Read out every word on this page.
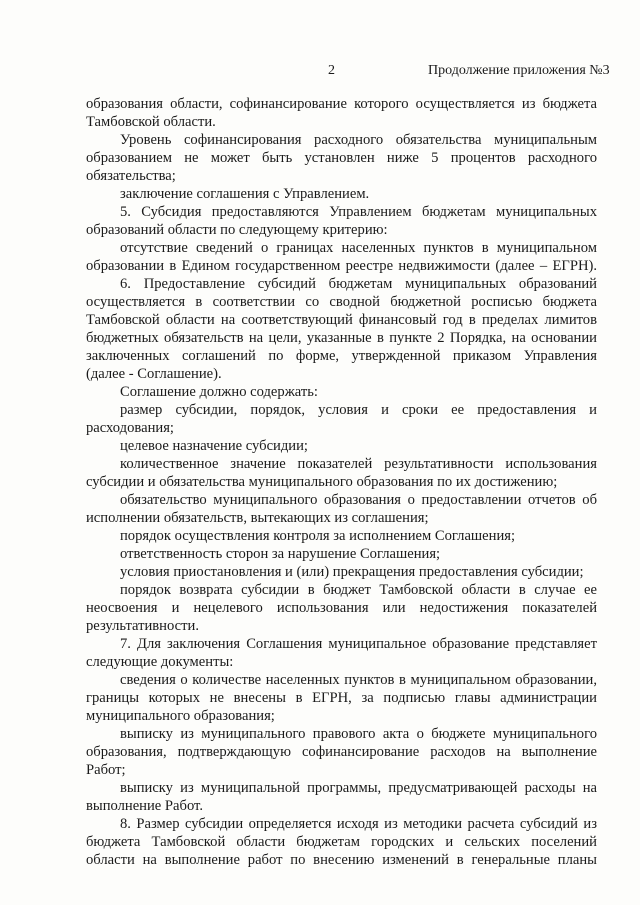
2	Продолжение приложения №3
образования области, софинансирование которого осуществляется из бюджета
Тамбовской области.
Уровень софинансирования расходного обязательства муниципальным
образованием не может быть установлен ниже 5 процентов расходного
обязательства;
заключение соглашения с Управлением.
5. Субсидия предоставляются Управлением бюджетам муниципальных
образований области по следующему критерию:
отсутствие сведений о границах населенных пунктов в муниципальном
образовании в Едином государственном реестре недвижимости (далее – ЕГРН).
6. Предоставление субсидий бюджетам муниципальных образований
осуществляется в соответствии со сводной бюджетной росписью бюджета
Тамбовской области на соответствующий финансовый год в пределах лимитов
бюджетных обязательств на цели, указанные в пункте 2 Порядка, на основании
заключенных соглашений по форме, утвержденной приказом Управления
(далее - Соглашение).
Соглашение должно содержать:
размер субсидии, порядок, условия и сроки ее предоставления и
расходования;
целевое назначение субсидии;
количественное значение показателей результативности использования
субсидии и обязательства муниципального образования по их достижению;
обязательство муниципального образования о предоставлении отчетов об
исполнении обязательств, вытекающих из соглашения;
порядок осуществления контроля за исполнением Соглашения;
ответственность сторон за нарушение Соглашения;
условия приостановления и (или) прекращения предоставления субсидии;
порядок возврата субсидии в бюджет Тамбовской области в случае ее
неосвоения и нецелевого использования или недостижения показателей
результативности.
7. Для заключения Соглашения муниципальное образование представляет
следующие документы:
сведения о количестве населенных пунктов в муниципальном образовании,
границы которых не внесены в ЕГРН, за подписью главы администрации
муниципального образования;
выписку из муниципального правового акта о бюджете муниципального
образования, подтверждающую софинансирование расходов на выполнение
Работ;
выписку из муниципальной программы, предусматривающей расходы на
выполнение Работ.
8. Размер субсидии определяется исходя из методики расчета субсидий из
бюджета Тамбовской области бюджетам городских и сельских поселений
области на выполнение работ по внесению изменений в генеральные планы
